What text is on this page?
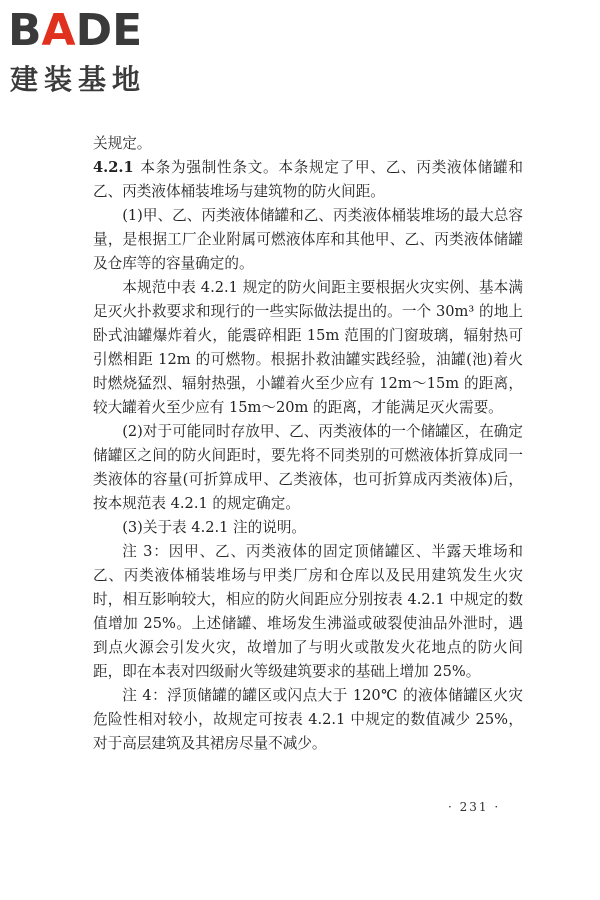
BADE
建装基地

关规定。

4.2.1 本条为强制性条文。本条规定了甲、乙、丙类液体储罐和乙、丙类液体桶装堆场与建筑物的防火间距。

(1)甲、乙、丙类液体储罐和乙、丙类液体桶装堆场的最大总容量，是根据工厂企业附属可燃液体库和其他甲、乙、丙类液体储罐及仓库等的容量确定的。

本规范中表 4.2.1 规定的防火间距主要根据火灾实例、基本满足灭火扑救要求和现行的一些实际做法提出的。一个 30m³ 的地上卧式油罐爆炸着火，能震碎相距 15m 范围的门窗玻璃，辐射热可引燃相距 12m 的可燃物。根据扑救油罐实践经验，油罐(池)着火时燃烧猛烈、辐射热强，小罐着火至少应有 12m～15m 的距离，较大罐着火至少应有 15m～20m 的距离，才能满足灭火需要。

(2)对于可能同时存放甲、乙、丙类液体的一个储罐区，在确定储罐区之间的防火间距时，要先将不同类别的可燃液体折算成同一类液体的容量(可折算成甲、乙类液体，也可折算成丙类液体)后，按本规范表 4.2.1 的规定确定。

(3)关于表 4.2.1 注的说明。

注 3：因甲、乙、丙类液体的固定顶储罐区、半露天堆场和乙、丙类液体桶装堆场与甲类厂房和仓库以及民用建筑发生火灾时，相互影响较大，相应的防火间距应分别按表 4.2.1 中规定的数值增加 25%。上述储罐、堆场发生沸溢或破裂使油品外泄时，遇到点火源会引发火灾，故增加了与明火或散发火花地点的防火间距，即在本表对四级耐火等级建筑要求的基础上增加 25%。

注 4：浮顶储罐的罐区或闪点大于 120℃ 的液体储罐区火灾危险性相对较小，故规定可按表 4.2.1 中规定的数值减少 25%，对于高层建筑及其裙房尽量不减少。

· 231 ·
